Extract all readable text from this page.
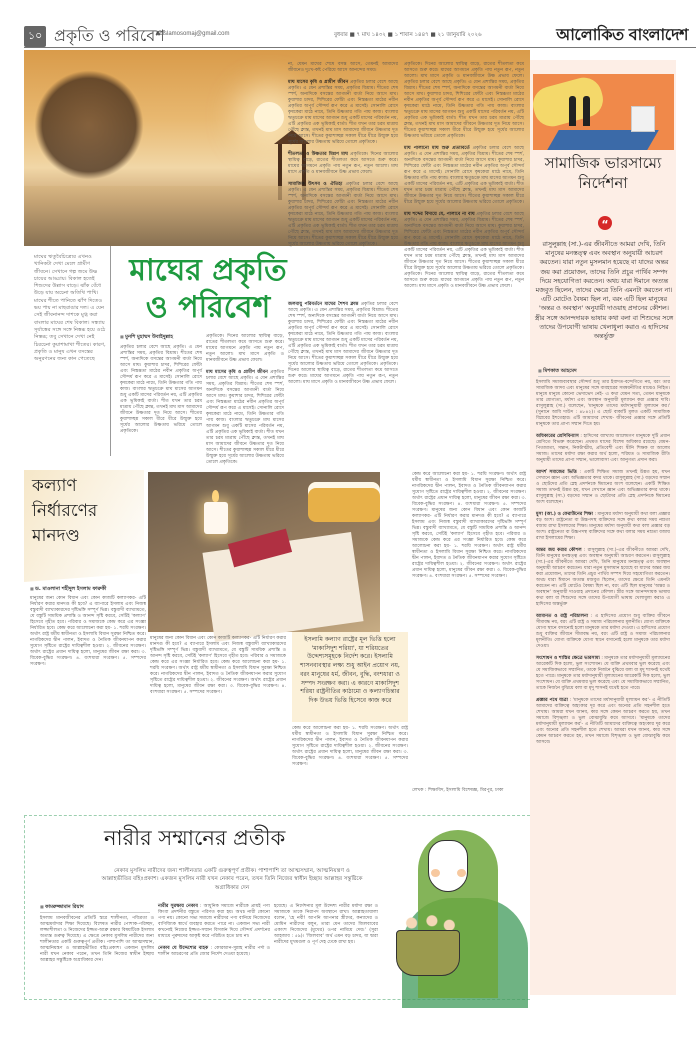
১০ প্রকৃতি ও পরিবেশ
abislamosomaj@gmail.com	বুধবার ■ ৭ মাঘ ১৪৩২ ■ ১ শাবান ১৪৪৭ ■ ২১ জানুয়ারি ২০২৬	আলোকিত বাংলাদেশ
না, যেমন মাঘের শেষে বসন্ত আসে, তেমনই আমাদের জীবনেও দুঃখ-কষ্ট পেরিয়ে আসে আনন্দের সময়।

মাঘ মাসের কৃষি ও গ্রামীণ জীবন প্রকৃতির চলার বেশে আছে প্রকৃতি। এ যেন প্রশান্তির সময়, প্রকৃতির বিশ্রাম। শীতের শেষ স্পর্শ, অন্যদিকে বসন্তের আগমনী বার্তা নিয়ে আসে মাঘ। কুয়াশার চাদর, শিশিরের ফোঁটা এবং নিস্তব্ধতা মাঠের নবীন প্রকৃতির অপূর্ব সৌন্দর্য রূপ করে এ মাসেই। সোনালি রোদে কৃষকেরা মাঠে নামে, তিনি উষ্ণতার গতি পায় কাজ। বাংলার ঋতুচক্রে মাঘ মাসের আগমন শুধু একটি মাসের পরিবর্তন নয়, এটি প্রকৃতির এক ভূমিকাই বার্তা। শীত যখন তার চরম মাত্রায় পৌঁছে ক্লান্ত, তখনই মাঘ মাস আমাদের জীবনে উষ্ণতার দূত নিয়ে আসে। শীতের কুয়াশাচ্ছন্ন সকাল ধীরে ধীরে উন্মুক্ত হয়ে সূর্যের আলোর উষ্ণতায় ভরিয়ে তোলে প্রকৃতিকে।

শীতলতা ও উষ্ণতার মিশ্রণ মাঘ প্রকৃতিকে। দিনের আলোর স্থায়িত্ব বাড়ে, রাতের শীতলতা কমে আসতে শুরু করে। মাঘের আগমনে প্রকৃতি পায় নতুন রূপ, নতুন আলো। মাঘ মাসে প্রকৃতি ও মানবজীবনে উষ্ণ প্রভাব ফেলে।

সামাজিক উৎসব ও ঐতিহ্য প্রকৃতির চলার বেশে আছে প্রকৃতি। এ যেন প্রশান্তির সময়, প্রকৃতির বিশ্রাম। শীতের শেষ স্পর্শ, অন্যদিকে বসন্তের আগমনী বার্তা নিয়ে আসে মাঘ। কুয়াশার চাদর, শিশিরের ফোঁটা এবং নিস্তব্ধতা মাঠের নবীন প্রকৃতির অপূর্ব সৌন্দর্য রূপ করে এ মাসেই। সোনালি রোদে কৃষকেরা মাঠে নামে, তিনি উষ্ণতার গতি পায় কাজ। বাংলার ঋতুচক্রে মাঘ মাসের আগমন শুধু একটি মাসের পরিবর্তন নয়, এটি প্রকৃতির এক ভূমিকাই বার্তা। শীত যখন তার চরম মাত্রায় পৌঁছে ক্লান্ত, তখনই মাঘ মাস আমাদের জীবনে উষ্ণতার দূত নিয়ে আসে। শীতের কুয়াশাচ্ছন্ন সকাল ধীরে ধীরে উন্মুক্ত হয়ে সূর্যের আলোর উষ্ণতায় ভরিয়ে তোলে প্রকৃতিকে।
প্রকৃতিকে। দিনের আলোর স্থায়িত্ব বাড়ে, রাতের শীতলতা কমে আসতে শুরু করে। মাঘের আগমনে প্রকৃতি পায় নতুন রূপ, নতুন আলো। মাঘ মাসে প্রকৃতি ও মানবজীবনে উষ্ণ প্রভাব ফেলে। প্রকৃতির চলার বেশে আছে প্রকৃতি। এ যেন প্রশান্তির সময়, প্রকৃতির বিশ্রাম। শীতের শেষ স্পর্শ, অন্যদিকে বসন্তের আগমনী বার্তা নিয়ে আসে মাঘ। কুয়াশার চাদর, শিশিরের ফোঁটা এবং নিস্তব্ধতা মাঠের নবীন প্রকৃতির অপূর্ব সৌন্দর্য রূপ করে এ মাসেই। সোনালি রোদে কৃষকেরা মাঠে নামে, তিনি উষ্ণতার গতি পায় কাজ। বাংলার ঋতুচক্রে মাঘ মাসের আগমন শুধু একটি মাসের পরিবর্তন নয়, এটি প্রকৃতির এক ভূমিকাই বার্তা। শীত যখন তার চরম মাত্রায় পৌঁছে ক্লান্ত, তখনই মাঘ মাস আমাদের জীবনে উষ্ণতার দূত নিয়ে আসে। শীতের কুয়াশাচ্ছন্ন সকাল ধীরে ধীরে উন্মুক্ত হয়ে সূর্যের আলোর উষ্ণতায় ভরিয়ে তোলে প্রকৃতিকে।

মাঘ পালানো মাঘ শুরু প্রত্যাবর্তে প্রকৃতির চলার বেশে আছে প্রকৃতি। এ যেন প্রশান্তির সময়, প্রকৃতির বিশ্রাম। শীতের শেষ স্পর্শ, অন্যদিকে বসন্তের আগমনী বার্তা নিয়ে আসে মাঘ। কুয়াশার চাদর, শিশিরের ফোঁটা এবং নিস্তব্ধতা মাঠের নবীন প্রকৃতির অপূর্ব সৌন্দর্য রূপ করে এ মাসেই। সোনালি রোদে কৃষকেরা মাঠে নামে, তিনি উষ্ণতার গতি পায় কাজ। বাংলার ঋতুচক্রে মাঘ মাসের আগমন শুধু একটি মাসের পরিবর্তন নয়, এটি প্রকৃতির এক ভূমিকাই বার্তা। শীত যখন তার চরম মাত্রায় পৌঁছে ক্লান্ত, তখনই মাঘ মাস আমাদের জীবনে উষ্ণতার দূত নিয়ে আসে। শীতের কুয়াশাচ্ছন্ন সকাল ধীরে ধীরে উন্মুক্ত হয়ে সূর্যের আলোর উষ্ণতায় ভরিয়ে তোলে প্রকৃতিকে।

মাঘ শব্দের বিদায়ে যে, পালাবে না বাঘ প্রকৃতির চলার বেশে আছে প্রকৃতি। এ যেন প্রশান্তির সময়, প্রকৃতির বিশ্রাম। শীতের শেষ স্পর্শ, অন্যদিকে বসন্তের আগমনী বার্তা নিয়ে আসে মাঘ। কুয়াশার চাদর, শিশিরের ফোঁটা এবং নিস্তব্ধতা মাঠের নবীন প্রকৃতির অপূর্ব সৌন্দর্য রূপ করে এ মাসেই। সোনালি রোদে কৃষকেরা মাঠে নামে, তিনি উষ্ণতার গতি পায় কাজ। বাংলার ঋতুচক্রে মাঘ মাসের আগমন শুধু একটি মাসের পরিবর্তন নয়, এটি প্রকৃতির এক ভূমিকাই বার্তা। শীত যখন তার চরম মাত্রায় পৌঁছে ক্লান্ত, তখনই মাঘ মাস আমাদের জীবনে উষ্ণতার দূত নিয়ে আসে। শীতের কুয়াশাচ্ছন্ন সকাল ধীরে ধীরে উন্মুক্ত হয়ে সূর্যের আলোর উষ্ণতায় ভরিয়ে তোলে প্রকৃতিকে। প্রকৃতিকে। দিনের আলোর স্থায়িত্ব বাড়ে, রাতের শীতলতা কমে আসতে শুরু করে। মাঘের আগমনে প্রকৃতি পায় নতুন রূপ, নতুন আলো। মাঘ মাসে প্রকৃতি ও মানবজীবনে উষ্ণ প্রভাব ফেলে।
জলবায়ু পরিবর্তনে মাঘের শৈশব ক্লান্ত প্রকৃতির চলার বেশে আছে প্রকৃতি। এ যেন প্রশান্তির সময়, প্রকৃতির বিশ্রাম। শীতের শেষ স্পর্শ, অন্যদিকে বসন্তের আগমনী বার্তা নিয়ে আসে মাঘ। কুয়াশার চাদর, শিশিরের ফোঁটা এবং নিস্তব্ধতা মাঠের নবীন প্রকৃতির অপূর্ব সৌন্দর্য রূপ করে এ মাসেই। সোনালি রোদে কৃষকেরা মাঠে নামে, তিনি উষ্ণতার গতি পায় কাজ। বাংলার ঋতুচক্রে মাঘ মাসের আগমন শুধু একটি মাসের পরিবর্তন নয়, এটি প্রকৃতির এক ভূমিকাই বার্তা। শীত যখন তার চরম মাত্রায় পৌঁছে ক্লান্ত, তখনই মাঘ মাস আমাদের জীবনে উষ্ণতার দূত নিয়ে আসে। শীতের কুয়াশাচ্ছন্ন সকাল ধীরে ধীরে উন্মুক্ত হয়ে সূর্যের আলোর উষ্ণতায় ভরিয়ে তোলে প্রকৃতিকে। প্রকৃতিকে। দিনের আলোর স্থায়িত্ব বাড়ে, রাতের শীতলতা কমে আসতে শুরু করে। মাঘের আগমনে প্রকৃতি পায় নতুন রূপ, নতুন আলো। মাঘ মাসে প্রকৃতি ও মানবজীবনে উষ্ণ প্রভাব ফেলে।
মাঘের ঋতুবৈচিত্র্যের এখনও খানিকটা দেখা মেলে গ্রামীণ জীবনে। সেখানে গল্প জমে উষ্ণ চায়ের আড্ডায়। বিকাল হতেই শিশুদের উল্লাস বাড়ে। ঝাঁক বেঁধে উড়ে যায় অচেনা অতিথি পাখি। মাঘের শীতে পানিতে ঝাঁপ দিতেও ভয় পায় না মাছরাঙার দল। এ যেন সেই জীবনানন্দ দাশকে মুগ্ধ করা বাংলার মাঘের শেষ বিকাল। সন্ধ্যায় সূর্যাস্তের সঙ্গে সঙ্গে নিস্তব্ধ হয়ে ওঠে নিস্তব্ধ; তবু সেখানে দেখা নেই চিরচেনা কুয়াশামাখা শীতের। কারণ, প্রকৃতি ও মানুষ এখন বসন্তের অনুরণনের জন্য কান পেতেছে
মাঘের প্রকৃতি ও পরিবেশ
■ মুনশি মুহাম্মদ উবাইদুল্লাহ
প্রকৃতির চলার বেশে আছে প্রকৃতি। এ যেন প্রশান্তির সময়, প্রকৃতির বিশ্রাম। শীতের শেষ স্পর্শ, অন্যদিকে বসন্তের আগমনী বার্তা নিয়ে আসে মাঘ। কুয়াশার চাদর, শিশিরের ফোঁটা এবং নিস্তব্ধতা মাঠের নবীন প্রকৃতির অপূর্ব সৌন্দর্য রূপ করে এ মাসেই। সোনালি রোদে কৃষকেরা মাঠে নামে, তিনি উষ্ণতার গতি পায় কাজ। বাংলার ঋতুচক্রে মাঘ মাসের আগমন শুধু একটি মাসের পরিবর্তন নয়, এটি প্রকৃতির এক ভূমিকাই বার্তা। শীত যখন তার চরম মাত্রায় পৌঁছে ক্লান্ত, তখনই মাঘ মাস আমাদের জীবনে উষ্ণতার দূত নিয়ে আসে। শীতের কুয়াশাচ্ছন্ন সকাল ধীরে ধীরে উন্মুক্ত হয়ে সূর্যের আলোর উষ্ণতায় ভরিয়ে তোলে প্রকৃতিকে।
প্রকৃতিকে। দিনের আলোর স্থায়িত্ব বাড়ে, রাতের শীতলতা কমে আসতে শুরু করে। মাঘের আগমনে প্রকৃতি পায় নতুন রূপ, নতুন আলো। মাঘ মাসে প্রকৃতি ও মানবজীবনে উষ্ণ প্রভাব ফেলে।

মাঘ মাসের কৃষি ও গ্রামীণ জীবন প্রকৃতির চলার বেশে আছে প্রকৃতি। এ যেন প্রশান্তির সময়, প্রকৃতির বিশ্রাম। শীতের শেষ স্পর্শ, অন্যদিকে বসন্তের আগমনী বার্তা নিয়ে আসে মাঘ। কুয়াশার চাদর, শিশিরের ফোঁটা এবং নিস্তব্ধতা মাঠের নবীন প্রকৃতির অপূর্ব সৌন্দর্য রূপ করে এ মাসেই। সোনালি রোদে কৃষকেরা মাঠে নামে, তিনি উষ্ণতার গতি পায় কাজ। বাংলার ঋতুচক্রে মাঘ মাসের আগমন শুধু একটি মাসের পরিবর্তন নয়, এটি প্রকৃতির এক ভূমিকাই বার্তা। শীত যখন তার চরম মাত্রায় পৌঁছে ক্লান্ত, তখনই মাঘ মাস আমাদের জীবনে উষ্ণতার দূত নিয়ে আসে। শীতের কুয়াশাচ্ছন্ন সকাল ধীরে ধীরে উন্মুক্ত হয়ে সূর্যের আলোর উষ্ণতায় ভরিয়ে তোলে প্রকৃতিকে।
সামাজিক ভারসাম্যে নির্দেশনা
“
রাসুলুল্লাহ (সা.)-এর জীবনীতে আমরা দেখি, তিনি মানুষের মনস্তত্ত্ব এবং অবস্থান অনুযায়ী আচরণ করতেন। যারা নতুন মুসলমান হয়েছে বা যাদের অন্তর জয় করা প্রয়োজন, তাদের তিনি প্রচুর পার্থিব সম্পদ দিয়ে সহযোগিতা করতেন। অথচ যারা ঈমানে অত্যন্ত মজবুত ছিলেন, তাদের ক্ষেত্রে তিনি এমনটা করতেন না। এটি মোটেও বৈষম্য ছিল না, বরং এটি ছিল মানুষের 'অন্তর ও অবস্থান' অনুযায়ী দাওয়াহ প্রদানের কৌশল। স্ত্রীর সঙ্গে আনন্দদায়ক ভাষায় কথা বলা বা শিশুদের সঙ্গে তাদের উপযোগী ভাষায় খেলাধুলা করাও এ হাদিসের অন্তর্ভুক্ত
■ মিশকাত আহমেদ
ইসলামি সমাজব্যবস্থার সৌন্দর্য শুধু তার ইবাদত-বন্দেগিতে নয়, বরং তার সামাজিক আদব এবং মানুষের সঙ্গে ব্যবহারের সমন্বয়নীতির মাঝেও নিহিত। মানুষে মানুষে কোনো ভেদাভেদ নেই- এ কথা যেমন সত্য, তেমন মানুষকে তার যোগ্যতা, মর্যাদা এবং অবস্থান অনুযায়ী মূল্যায়ন করা প্রজ্ঞার দাবি। রাসুলুল্লাহ (সা.) বলেছেন, 'মানুষকে তাদের মর্যাদানুযায়ী মূল্যায়ন কর।' (সুনানে আবি দাউদ : ৪৮৪২)। এ ছোট বাক্যটি মূলত একটি সামাজিক বিপ্লবের ইশতেহার। এটি আমাদের শেখায়- জীবনের প্রজ্ঞার সঙ্গে প্রতিটি মানুষকে তার প্রাপ্য সম্মান দিতে হয়।

অধিকারের শ্রেণিবিন্যাস : হাদিসের ব্যাখ্যায় আলেমগণ মানুষকে দুটি প্রধান শ্রেণিতে বিভক্ত করেছেন। প্রথমত যাদের বিশেষ অধিকার রয়েছে। যেমন- পিতামাতা, সন্তান, নিকটাত্মীয়, প্রতিবেশী এবং দ্বীনি শিক্ষক বা আলেম সমাজ। তাদের মর্যাদা রক্ষা করার অর্থ হলো, শরিয়ত ও সামাজিক রীতি অনুযায়ী তাদের প্রাপ্য সম্মান, ভালোবাসা এবং আনুগত্য প্রদান করা।

আদর্শ সমাজের ভিত্তি : একটি শিক্ষিত সমাজ তখনই উন্নত হয়, যখন সেখানে জ্ঞান এবং অভিজ্ঞতার কদর থাকে। রাসুলুল্লাহ (সা.) বড়দের সম্মান ও ছোটদের প্রতি স্নেহ প্রদর্শনকে ঈমানের অংশ বলেছেন। একটি শিক্ষিত সমাজ তখনই উন্নত হয়, যখন সেখানে জ্ঞান এবং অভিজ্ঞতার কদর থাকে। রাসুলুল্লাহ (সা.) বড়দের সম্মান ও ছোটদের প্রতি স্নেহ প্রদর্শনকে ঈমানের অংশ বলেছেন।

মুসা (আ.) ও ফেরাউনের শিক্ষা : মানুষের মর্যাদা অনুযায়ী কথা বলা প্রজ্ঞার বড় অংশ। রাষ্ট্রনেতা বা উচ্চপদস্থ ব্যক্তিদের সঙ্গে কথা বলার সময় নম্রতা বজায় রাখা ইসলামের শিক্ষা। মানুষের মর্যাদা অনুযায়ী কথা বলা প্রজ্ঞার বড় অংশ। রাষ্ট্রনেতা বা উচ্চপদস্থ ব্যক্তিদের সঙ্গে কথা বলার সময় নম্রতা বজায় রাখা ইসলামের শিক্ষা।

অন্তর জয় করার কৌশল : রাসুলুল্লাহ (সা.)-এর জীবনীতে আমরা দেখি, তিনি মানুষের মনস্তত্ত্ব এবং অবস্থান অনুযায়ী আচরণ করতেন। রাসুলুল্লাহ (সা.)-এর জীবনীতে আমরা দেখি, তিনি মানুষের মনস্তত্ত্ব এবং অবস্থান অনুযায়ী আচরণ করতেন। যারা নতুন মুসলমান হয়েছে বা যাদের অন্তর জয় করা প্রয়োজন, তাদের তিনি প্রচুর পার্থিব সম্পদ দিয়ে সহযোগিতা করতেন। অথচ যারা ঈমানে অত্যন্ত মজবুত ছিলেন, তাদের ক্ষেত্রে তিনি এমনটা করতেন না। এটি মোটেও বৈষম্য ছিল না, বরং এটি ছিল মানুষের 'অন্তর ও অবস্থান' অনুযায়ী দাওয়াহ প্রদানের কৌশল। স্ত্রীর সঙ্গে আনন্দদায়ক ভাষায় কথা বলা বা শিশুদের সঙ্গে তাদের উপযোগী ভাষায় খেলাধুলা করাও এ হাদিসের অন্তর্ভুক্ত

আমানত ও রাষ্ট্র পরিচালনা : এ হাদিসের প্রয়োগ শুধু ব্যক্তির জীবনে সীমাবদ্ধ নয়, বরং এটি রাষ্ট্র ও সমাজ পরিচালনার মূলনীতি। যোগ্য ব্যক্তিকে যোগ্য স্থানে বসানোই হলো মানুষকে তার মর্যাদা দেওয়া। এ হাদিসের প্রয়োগ শুধু ব্যক্তির জীবনে সীমাবদ্ধ নয়, বরং এটি রাষ্ট্র ও সমাজ পরিচালনার মূলনীতি। যোগ্য ব্যক্তিকে যোগ্য স্থানে বসানোই হলো মানুষকে তার মর্যাদা দেওয়া।

সংশোধন ও শাস্তির ক্ষেত্রে ভারসাম্য : মানুষকে তার মর্যাদানুযায়ী মূল্যায়নের আরেকটি দিক হলো, ভুল সংশোধন। যে ব্যক্তি প্রথমবার ভুল করেছে এবং যে সমাজিকভাবে সম্মানিত, তাকে নির্জনে বুঝিয়ে বলা বা মৃদু শাসনই যথেষ্ট হতে পারে। মানুষকে তার মর্যাদানুযায়ী মূল্যায়নের আরেকটি দিক হলো, ভুল সংশোধন। যে ব্যক্তি প্রথমবার ভুল করেছে এবং যে সমাজিকভাবে সম্মানিত, তাকে নির্জনে বুঝিয়ে বলা বা মৃদু শাসনই যথেষ্ট হতে পারে।

প্রজ্ঞার পথে যাত্রা : 'মানুষকে তাদের মর্যাদানুযায়ী মূল্যায়ন কর'- এ নীতিটি আমাদের ব্যক্তিত্বে অহংকার দূর করে এবং অন্যের প্রতি সহনশীল হতে শেখায়। আমরা যখন জানব, কার সঙ্গে কেমন আচরণ করতে হয়, তখন সমাজে বিশৃঙ্খলা ও ভুল বোঝাবুঝি কমে আসবে। 'মানুষকে তাদের মর্যাদানুযায়ী মূল্যায়ন কর'- এ নীতিটি আমাদের ব্যক্তিত্বে অহংকার দূর করে এবং অন্যের প্রতি সহনশীল হতে শেখায়। আমরা যখন জানব, কার সঙ্গে কেমন আচরণ করতে হয়, তখন সমাজে বিশৃঙ্খলা ও ভুল বোঝাবুঝি কমে আসবে।
কল্যাণ নির্ধারণের মানদণ্ড
■ ড. মাওলানা শহীদুল ইসলাম ফারুকী
মানুষের জন্য কোন বিধান এবং কোন কাজটি কল্যাণকর- এটি নির্ধারণ করার মানদণ্ড কী হবে? এ ব্যাপারে ইসলাম এবং নিজস্ব বস্তুবাদী ব্যাখ্যাকারদের দৃষ্টিভঙ্গি সম্পূর্ণ ভিন্ন। বস্তুবাদী ব্যাখ্যামতে, যে বস্তুটি সাময়িক প্রশান্তি ও আনন্দ সৃষ্টি করবে, সেটিই 'কল্যাণ' হিসেবে গৃহীত হবে। পরিবার ও সমাজকে কেন্দ্র করে এর সংজ্ঞা নির্ধারিত হবে। কেন্দ্র করে আলোচনা করা হয়- ১. শরয়ি সংরক্ষণ। অর্থাৎ রাষ্ট্র ধর্মীয় স্বাধীনতা ও ইসলামি বিধান সুরক্ষা নিশ্চিত করে। নাগরিকদের দ্বীন পালন, ইবাদত ও নৈতিক জীবনযাপন করার সুযোগ সৃষ্টিতে রাষ্ট্রের দায়িত্বশীল হওয়া। ২. জীবনের সংরক্ষণ। অর্থাৎ রাষ্ট্রের প্রধান দায়িত্ব হলো, মানুষের জীবন রক্ষা করা। ৩. বিবেক-বুদ্ধির সংরক্ষণ। ৪. বংশধারা সংরক্ষণ। ৫. সম্পদের সংরক্ষণ।
মানুষের জন্য কোন বিধান এবং কোন কাজটি কল্যাণকর- এটি নির্ধারণ করার মানদণ্ড কী হবে? এ ব্যাপারে ইসলাম এবং নিজস্ব বস্তুবাদী ব্যাখ্যাকারদের দৃষ্টিভঙ্গি সম্পূর্ণ ভিন্ন। বস্তুবাদী ব্যাখ্যামতে, যে বস্তুটি সাময়িক প্রশান্তি ও আনন্দ সৃষ্টি করবে, সেটিই 'কল্যাণ' হিসেবে গৃহীত হবে। পরিবার ও সমাজকে কেন্দ্র করে এর সংজ্ঞা নির্ধারিত হবে। কেন্দ্র করে আলোচনা করা হয়- ১. শরয়ি সংরক্ষণ। অর্থাৎ রাষ্ট্র ধর্মীয় স্বাধীনতা ও ইসলামি বিধান সুরক্ষা নিশ্চিত করে। নাগরিকদের দ্বীন পালন, ইবাদত ও নৈতিক জীবনযাপন করার সুযোগ সৃষ্টিতে রাষ্ট্রের দায়িত্বশীল হওয়া। ২. জীবনের সংরক্ষণ। অর্থাৎ রাষ্ট্রের প্রধান দায়িত্ব হলো, মানুষের জীবন রক্ষা করা। ৩. বিবেক-বুদ্ধির সংরক্ষণ। ৪. বংশধারা সংরক্ষণ। ৫. সম্পদের সংরক্ষণ।
ইসলামি কল্যাণ রাষ্ট্রের মূল ভিত্তি হলো 'মাকাসিদুশ শরিয়া', যা শরিয়তের উদ্দেশ্যসমূহকে নির্দেশ করে। ইসলামি শাসনব্যবস্থার লক্ষ্য শুধু আইন প্রয়োগ নয়, বরং মানুষের ধর্ম, জীবন, বুদ্ধি, বংশধারা ও সম্পদ সংরক্ষণ করা। এ কারণে মাকাসিদুশ শরিয়া রাষ্ট্রনীতির কাঠামো ও কল্যাণচিন্তার দিক উভয় ভিত্তি হিসেবে কাজ করে
কেন্দ্র করে আলোচনা করা হয়- ১. শরয়ি সংরক্ষণ। অর্থাৎ রাষ্ট্র ধর্মীয় স্বাধীনতা ও ইসলামি বিধান সুরক্ষা নিশ্চিত করে। নাগরিকদের দ্বীন পালন, ইবাদত ও নৈতিক জীবনযাপন করার সুযোগ সৃষ্টিতে রাষ্ট্রের দায়িত্বশীল হওয়া। ২. জীবনের সংরক্ষণ। অর্থাৎ রাষ্ট্রের প্রধান দায়িত্ব হলো, মানুষের জীবন রক্ষা করা। ৩. বিবেক-বুদ্ধির সংরক্ষণ। ৪. বংশধারা সংরক্ষণ। ৫. সম্পদের সংরক্ষণ।
কেন্দ্র করে আলোচনা করা হয়- ১. শরয়ি সংরক্ষণ। অর্থাৎ রাষ্ট্র ধর্মীয় স্বাধীনতা ও ইসলামি বিধান সুরক্ষা নিশ্চিত করে। নাগরিকদের দ্বীন পালন, ইবাদত ও নৈতিক জীবনযাপন করার সুযোগ সৃষ্টিতে রাষ্ট্রের দায়িত্বশীল হওয়া। ২. জীবনের সংরক্ষণ। অর্থাৎ রাষ্ট্রের প্রধান দায়িত্ব হলো, মানুষের জীবন রক্ষা করা। ৩. বিবেক-বুদ্ধির সংরক্ষণ। ৪. বংশধারা সংরক্ষণ। ৫. সম্পদের সংরক্ষণ। মানুষের জন্য কোন বিধান এবং কোন কাজটি কল্যাণকর- এটি নির্ধারণ করার মানদণ্ড কী হবে? এ ব্যাপারে ইসলাম এবং নিজস্ব বস্তুবাদী ব্যাখ্যাকারদের দৃষ্টিভঙ্গি সম্পূর্ণ ভিন্ন। বস্তুবাদী ব্যাখ্যামতে, যে বস্তুটি সাময়িক প্রশান্তি ও আনন্দ সৃষ্টি করবে, সেটিই 'কল্যাণ' হিসেবে গৃহীত হবে। পরিবার ও সমাজকে কেন্দ্র করে এর সংজ্ঞা নির্ধারিত হবে। কেন্দ্র করে আলোচনা করা হয়- ১. শরয়ি সংরক্ষণ। অর্থাৎ রাষ্ট্র ধর্মীয় স্বাধীনতা ও ইসলামি বিধান সুরক্ষা নিশ্চিত করে। নাগরিকদের দ্বীন পালন, ইবাদত ও নৈতিক জীবনযাপন করার সুযোগ সৃষ্টিতে রাষ্ট্রের দায়িত্বশীল হওয়া। ২. জীবনের সংরক্ষণ। অর্থাৎ রাষ্ট্রের প্রধান দায়িত্ব হলো, মানুষের জীবন রক্ষা করা। ৩. বিবেক-বুদ্ধির সংরক্ষণ। ৪. বংশধারা সংরক্ষণ। ৫. সম্পদের সংরক্ষণ।
লেখক : শিক্ষাবিদ, ইসলামি বিশেষজ্ঞ, মিরপুর, ঢাকা
নারীর সম্মানের প্রতীক
নেকাব মুসলিম নারীদের জন্য শালীনতার একটি গুরুত্বপূর্ণ প্রতীক। পাশাপাশি তা আত্মসম্মান, আত্মনিয়ন্ত্রণ ও আল্লাহভীতির বহিঃপ্রকাশ। একজন মুসলিম নারী যখন নেকাব পরেন, তখন তিনি নিজের স্বাধীন ইচ্ছায় আল্লাহর সন্তুষ্টিকে অগ্রাধিকার দেন
■ কামরুজ্জামান রিয়াদ
ইসলাম মানবজীবনের প্রতিটি স্তরে শালীনতা, পবিত্রতা ও আত্মমর্যাদার শিক্ষা দিয়েছে। বিশেষত নারীর পোশাক-পরিচ্ছদ, লজ্জাশীলতা ও নিজেদের ইজ্জত-আব্রু রক্ষার বিষয়টিকে ইসলাম অত্যন্ত গুরুত্ব দিয়েছে। এ ক্ষেত্রে নেকাব মুসলিম নারীদের জন্য শালীনতার একটি গুরুত্বপূর্ণ প্রতীক। পাশাপাশি তা আত্মসম্মান, আত্মনিয়ন্ত্রণ ও আল্লাহভীতির বহিঃপ্রকাশ। একজন মুসলিম নারী যখন নেকাব পরেন, তখন তিনি নিজের স্বাধীন ইচ্ছায় আল্লাহর সন্তুষ্টিকে অগ্রাধিকার দেন।
নারীর সুরক্ষায় নেকাব : আধুনিক সমাজে নারীকে প্রায়ই পণ্য কিংবা প্রদর্শনীর বস্তুতে পরিণত করা হয়। অথচ নারী কোনো পণ্য নয়। কোনো সভ্য সমাজে নারীদের পণ্য বানিয়ে নিজেদের বাণিজ্যিক স্বার্থে ব্যবহার করতে পারে না। একজন সভ্য নারী কখনোই নিজের ইজ্জত-সম্মান বিসর্জন দিয়ে সৌন্দর্য প্রদর্শনের মাধ্যমে পুরুষদের আকৃষ্ট করে পরিচিত হতে চায় না।

নেকাব যে উদ্দেশ্যের বাহক : কোরআন-সুন্নাহ নারীর পর্দা ও শালীন আচরণের প্রতি জোর নির্দেশ দেওয়া হয়েছে।
হয়েছে। এ নির্দেশনার মূল উদ্দেশ্য নারীর মর্যাদা রক্ষা ও সমাজকে তাকে নিরাপদ অবস্থানে রাখা। আল্লাহতায়ালা বলেন, 'হে নবী! আপনি আপনার স্ত্রীদের, কন্যাদের ও মোমিন নারীদের বলুন, তারা যেন তাদের জিলবাবের একাংশ নিজেদের (মুখের) ওপর নামিয়ে দেয়।' (সুরা আহজাব : ৫৯)। 'জিলবাব' অর্থ এমন বড় চাদর, যা দ্বারা নারীদের মুখমণ্ডল ও পূর্ণ দেহ ঢেকে রাখা হয়।
